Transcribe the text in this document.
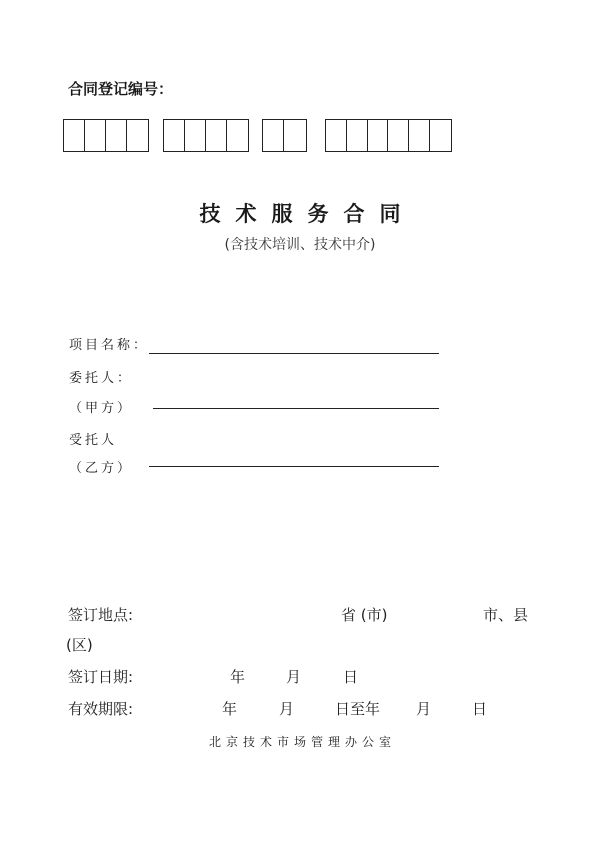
合同登记编号：
技术服务合同
(含技术培训、技术中介)
项目名称：
委托人：
（甲方）
受托人
（乙方）
签订地点:	省 (市)	市、县
(区)
签订日期:	年	月	日
有效期限:	年	月	日至年 月	日
北京技术市场管理办公室
